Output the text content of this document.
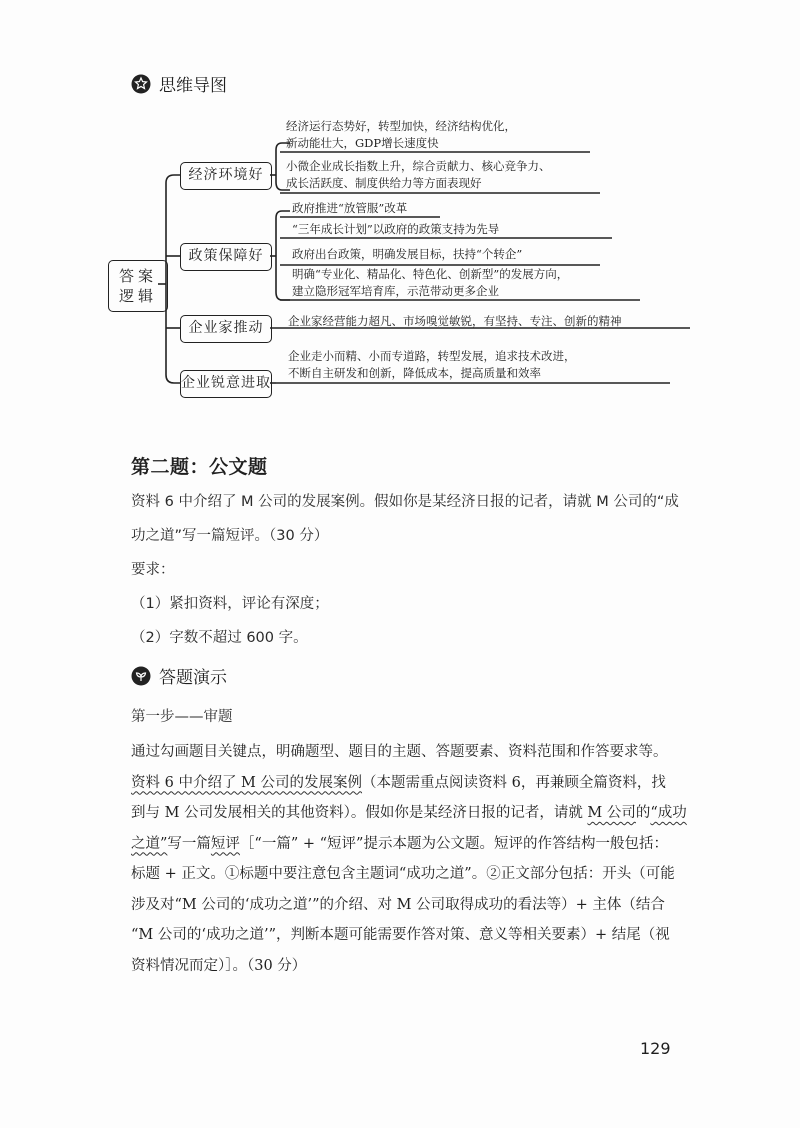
思维导图
答案
逻辑
经济环境好
政策保障好
企业家推动
企业锐意进取
经济运行态势好，转型加快，经济结构优化，
新动能壮大，GDP增长速度快
小微企业成长指数上升，综合贡献力、核心竞争力、
成长活跃度、制度供给力等方面表现好
政府推进“放管服”改革
“三年成长计划”以政府的政策支持为先导
政府出台政策，明确发展目标，扶持“个转企”
明确“专业化、精品化、特色化、创新型”的发展方向，
建立隐形冠军培育库，示范带动更多企业
企业家经营能力超凡、市场嗅觉敏锐，有坚持、专注、创新的精神
企业走小而精、小而专道路，转型发展，追求技术改进，
不断自主研发和创新，降低成本，提高质量和效率
第二题：公文题
资料 6 中介绍了 M 公司的发展案例。假如你是某经济日报的记者，请就 M 公司的“成
功之道”写一篇短评。（30 分）
要求：
（1）紧扣资料，评论有深度；
（2）字数不超过 600 字。
答题演示
第一步——审题
通过勾画题目关键点，明确题型、题目的主题、答题要素、资料范围和作答要求等。
资料 6 中介绍了 M 公司的发展案例（本题需重点阅读资料 6，再兼顾全篇资料，找
到与 M 公司发展相关的其他资料）。假如你是某经济日报的记者，请就 M 公司的“成功
之道”写一篇短评［“一篇” + “短评”提示本题为公文题。短评的作答结构一般包括：
标题 + 正文。①标题中要注意包含主题词“成功之道”。②正文部分包括：开头（可能
涉及对“M 公司的‘成功之道’”的介绍、对 M 公司取得成功的看法等）+ 主体（结合
“M 公司的‘成功之道’”，判断本题可能需要作答对策、意义等相关要素）+ 结尾（视
资料情况而定）］。（30 分）
129
